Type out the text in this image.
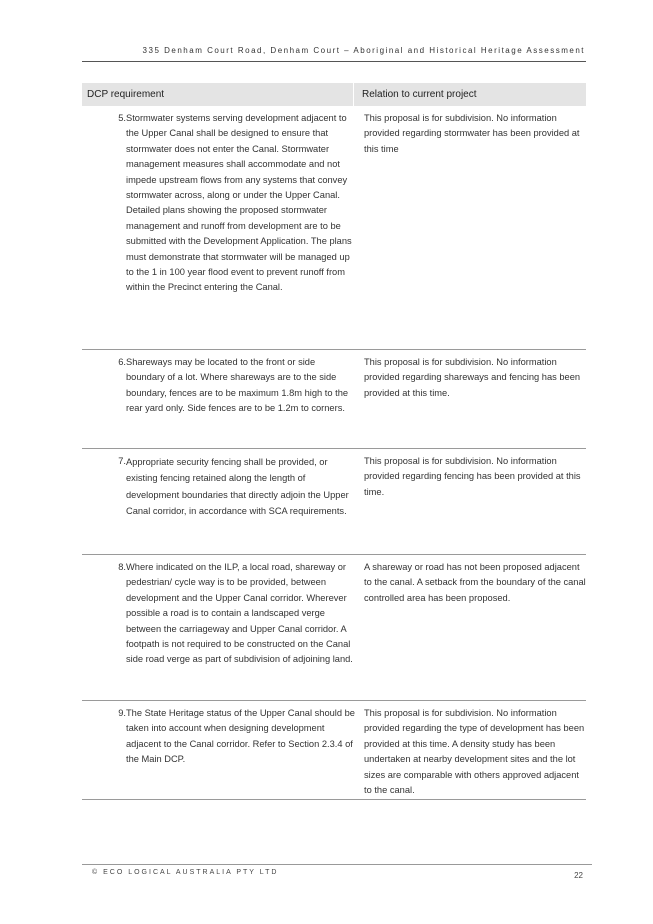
335 Denham Court Road, Denham Court – Aboriginal and Historical Heritage Assessment
DCP requirement	Relation to current project
5. Stormwater systems serving development adjacent to the Upper Canal shall be designed to ensure that stormwater does not enter the Canal. Stormwater management measures shall accommodate and not impede upstream flows from any systems that convey stormwater across, along or under the Upper Canal. Detailed plans showing the proposed stormwater management and runoff from development are to be submitted with the Development Application. The plans must demonstrate that stormwater will be managed up to the 1 in 100 year flood event to prevent runoff from within the Precinct entering the Canal.
This proposal is for subdivision. No information provided regarding stormwater has been provided at this time
6. Shareways may be located to the front or side boundary of a lot. Where shareways are to the side boundary, fences are to be maximum 1.8m high to the rear yard only. Side fences are to be 1.2m to corners.
This proposal is for subdivision. No information provided regarding shareways and fencing has been provided at this time.
7. Appropriate security fencing shall be provided, or existing fencing retained along the length of development boundaries that directly adjoin the Upper Canal corridor, in accordance with SCA requirements.
This proposal is for subdivision. No information provided regarding fencing has been provided at this time.
8. Where indicated on the ILP, a local road, shareway or pedestrian/ cycle way is to be provided, between development and the Upper Canal corridor. Wherever possible a road is to contain a landscaped verge between the carriageway and Upper Canal corridor. A footpath is not required to be constructed on the Canal side road verge as part of subdivision of adjoining land.
A shareway or road has not been proposed adjacent to the canal. A setback from the boundary of the canal controlled area has been proposed.
9. The State Heritage status of the Upper Canal should be taken into account when designing development adjacent to the Canal corridor. Refer to Section 2.3.4 of the Main DCP.
This proposal is for subdivision. No information provided regarding the type of development has been provided at this time. A density study has been undertaken at nearby development sites and the lot sizes are comparable with others approved adjacent to the canal.
© ECO LOGICAL AUSTRALIA PTY LTD	22
